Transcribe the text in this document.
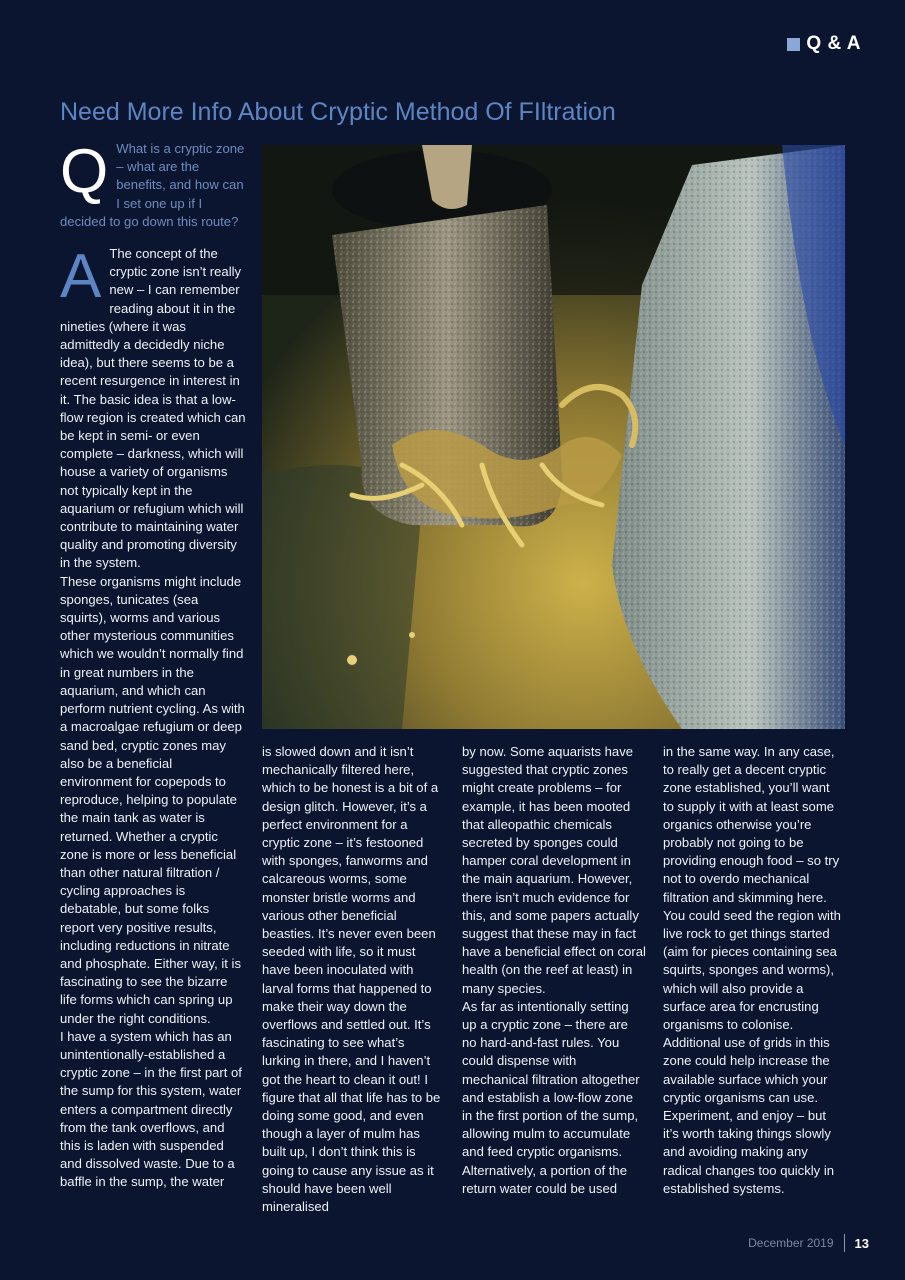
Q & A
Need More Info About Cryptic Method Of FIltration

Q What is a cryptic zone – what are the benefits, and how can I set one up if I decided to go down this route?

A The concept of the cryptic zone isn’t really new – I can remember reading about it in the nineties (where it was admittedly a decidedly niche idea), but there seems to be a recent resurgence in interest in it. The basic idea is that a low-flow region is created which can be kept in semi- or even complete – darkness, which will house a variety of organisms not typically kept in the aquarium or refugium which will contribute to maintaining water quality and promoting diversity in the system.

These organisms might include sponges, tunicates (sea squirts), worms and various other mysterious communities which we wouldn’t normally find in great numbers in the aquarium, and which can perform nutrient cycling. As with a macroalgae refugium or deep sand bed, cryptic zones may also be a beneficial environment for copepods to reproduce, helping to populate the main tank as water is returned. Whether a cryptic zone is more or less beneficial than other natural filtration / cycling approaches is debatable, but some folks report very positive results, including reductions in nitrate and phosphate. Either way, it is fascinating to see the bizarre life forms which can spring up under the right conditions.

I have a system which has an unintentionally-established a cryptic zone – in the first part of the sump for this system, water enters a compartment directly from the tank overflows, and this is laden with suspended and dissolved waste. Due to a baffle in the sump, the water

is slowed down and it isn’t mechanically filtered here, which to be honest is a bit of a design glitch. However, it’s a perfect environment for a cryptic zone – it’s festooned with sponges, fanworms and calcareous worms, some monster bristle worms and various other beneficial beasties. It’s never even been seeded with life, so it must have been inoculated with larval forms that happened to make their way down the overflows and settled out. It’s fascinating to see what’s lurking in there, and I haven’t got the heart to clean it out! I figure that all that life has to be doing some good, and even though a layer of mulm has built up, I don’t think this is going to cause any issue as it should have been well mineralised

by now. Some aquarists have suggested that cryptic zones might create problems – for example, it has been mooted that alleopathic chemicals secreted by sponges could hamper coral development in the main aquarium. However, there isn’t much evidence for this, and some papers actually suggest that these may in fact have a beneficial effect on coral health (on the reef at least) in many species.

As far as intentionally setting up a cryptic zone – there are no hard-and-fast rules. You could dispense with mechanical filtration altogether and establish a low-flow zone in the first portion of the sump, allowing mulm to accumulate and feed cryptic organisms. Alternatively, a portion of the return water could be used

in the same way. In any case, to really get a decent cryptic zone established, you’ll want to supply it with at least some organics otherwise you’re probably not going to be providing enough food – so try not to overdo mechanical filtration and skimming here. You could seed the region with live rock to get things started (aim for pieces containing sea squirts, sponges and worms), which will also provide a surface area for encrusting organisms to colonise. Additional use of grids in this zone could help increase the available surface which your cryptic organisms can use. Experiment, and enjoy – but it’s worth taking things slowly and avoiding making any radical changes too quickly in established systems.

December 2019 13
